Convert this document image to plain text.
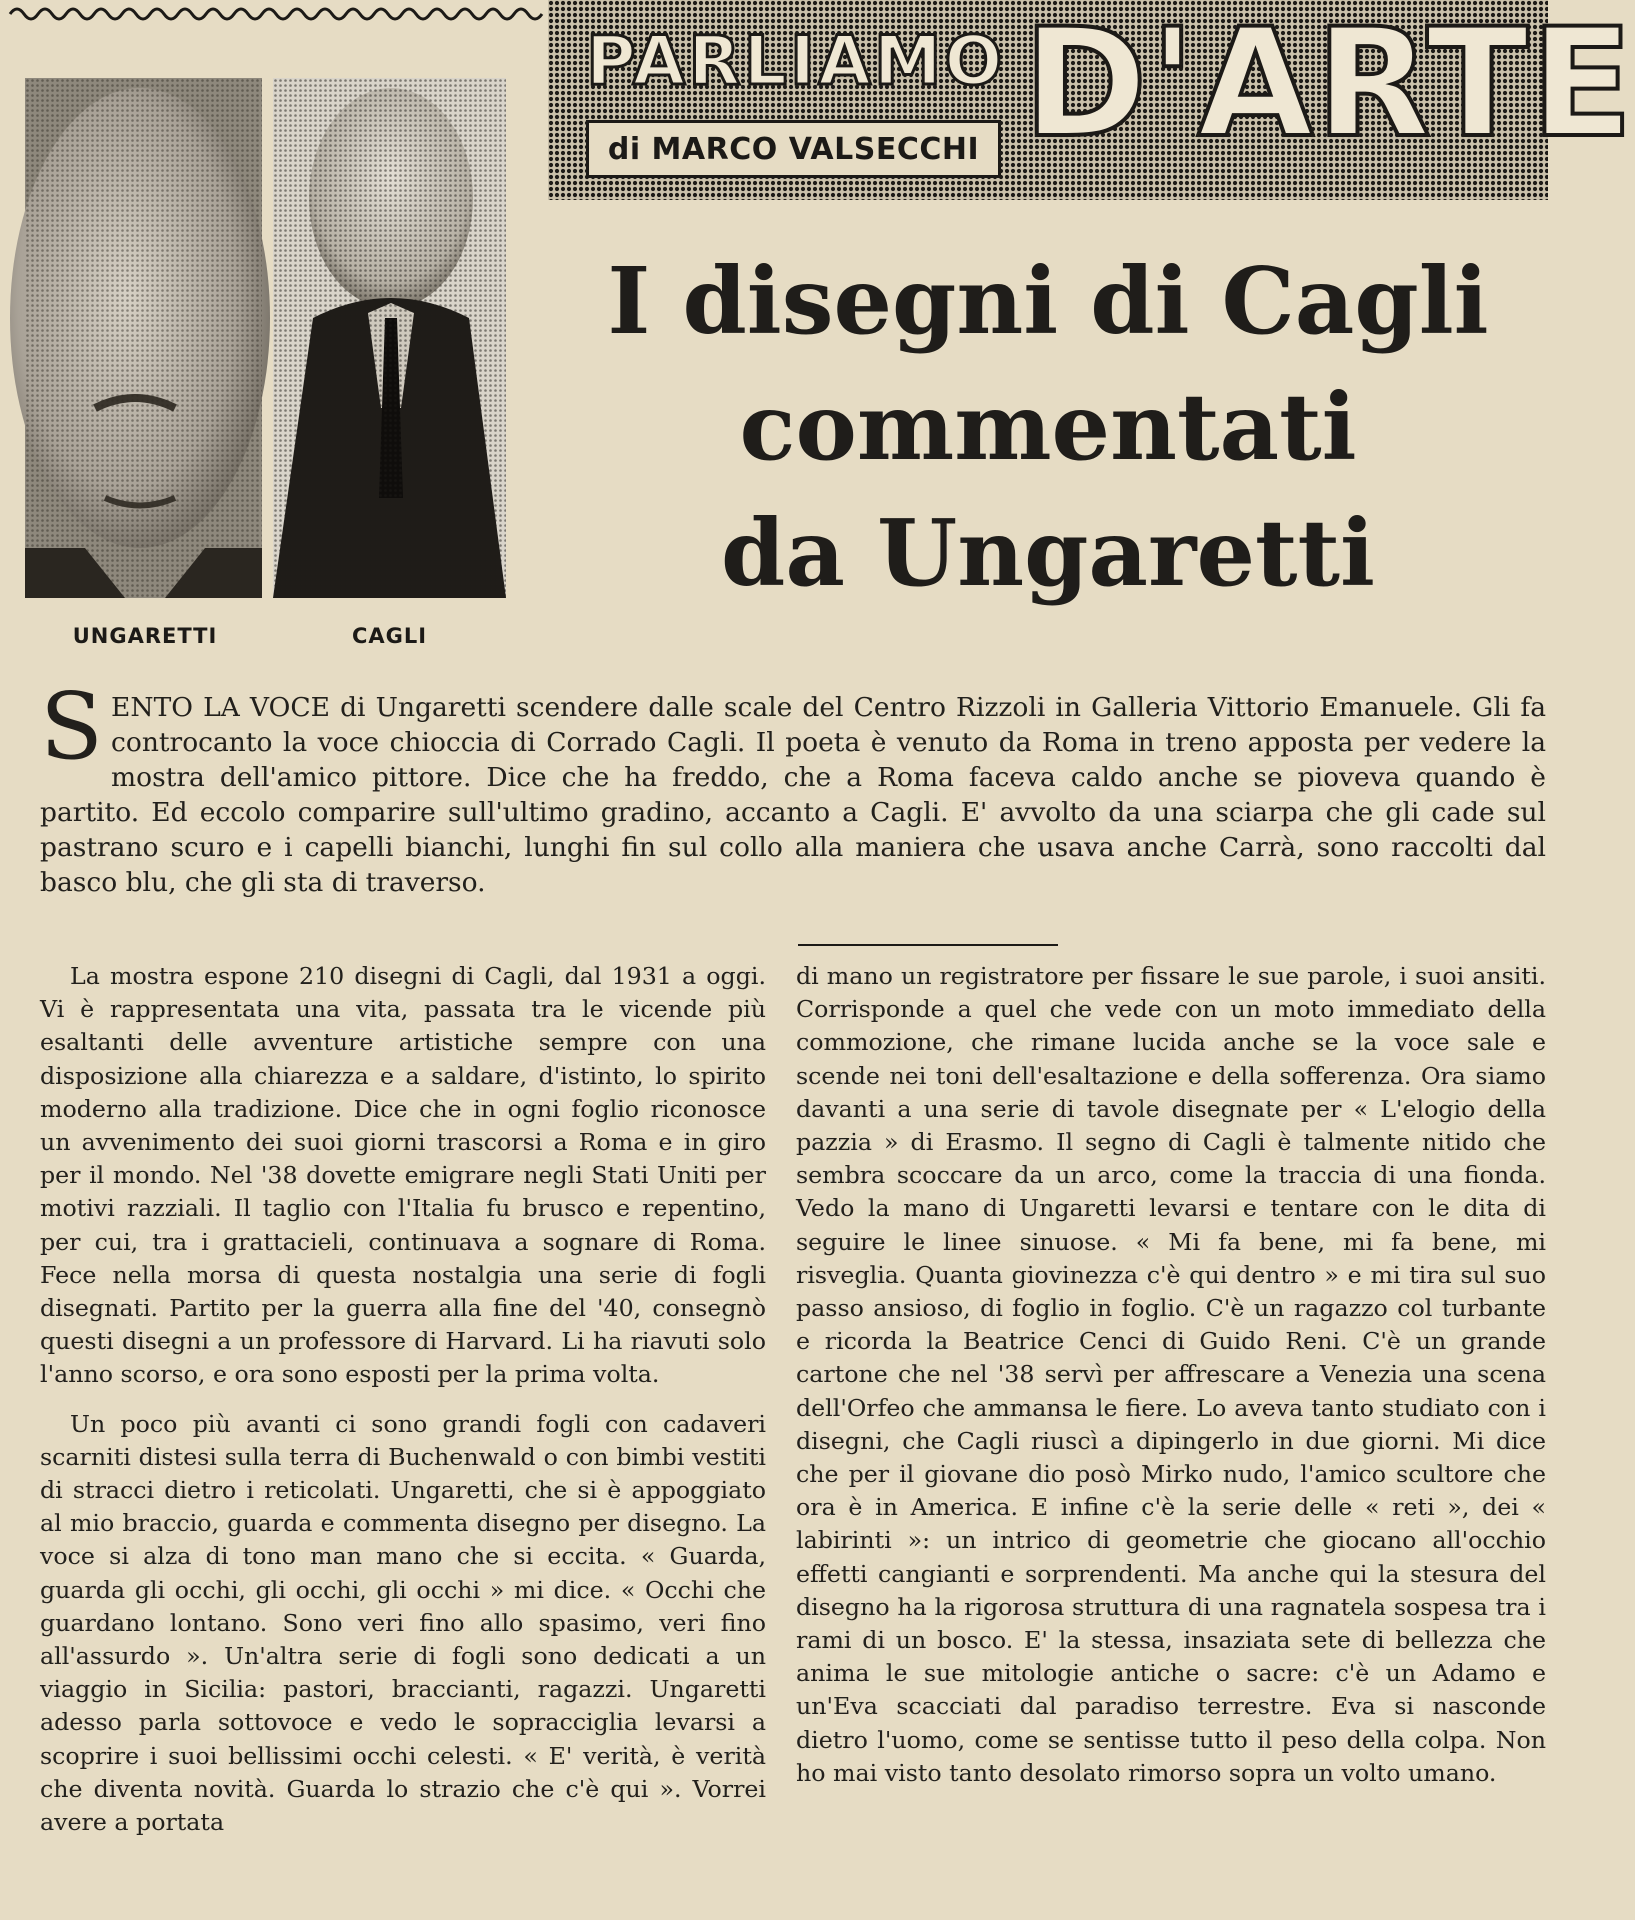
UNGARETTI	CAGLI
PARLIAMO D'ARTE
di MARCO VALSECCHI
I disegni di Cagli
commentati
da Ungaretti
SENTO LA VOCE di Ungaretti scendere dalle scale del Centro Rizzoli in Galleria Vittorio Emanuele. Gli fa controcanto la voce chioccia di Corrado Cagli. Il poeta è venuto da Roma in treno apposta per vedere la mostra dell'amico pittore. Dice che ha freddo, che a Roma faceva caldo anche se pioveva quando è partito. Ed eccolo comparire sull'ultimo gradino, accanto a Cagli. E' avvolto da una sciarpa che gli cade sul pastrano scuro e i capelli bianchi, lunghi fin sul collo alla maniera che usava anche Carrà, sono raccolti dal basco blu, che gli sta di traverso.

La mostra espone 210 disegni di Cagli, dal 1931 a oggi. Vi è rappresentata una vita, passata tra le vicende più esaltanti delle avventure artistiche sempre con una disposizione alla chiarezza e a saldare, d'istinto, lo spirito moderno alla tradizione. Dice che in ogni foglio riconosce un avvenimento dei suoi giorni trascorsi a Roma e in giro per il mondo. Nel '38 dovette emigrare negli Stati Uniti per motivi razziali. Il taglio con l'Italia fu brusco e repentino, per cui, tra i grattacieli, continuava a sognare di Roma. Fece nella morsa di questa nostalgia una serie di fogli disegnati. Partito per la guerra alla fine del '40, consegnò questi disegni a un professore di Harvard. Li ha riavuti solo l'anno scorso, e ora sono esposti per la prima volta.

Un poco più avanti ci sono grandi fogli con cadaveri scarniti distesi sulla terra di Buchenwald o con bimbi vestiti di stracci dietro i reticolati. Ungaretti, che si è appoggiato al mio braccio, guarda e commenta disegno per disegno. La voce si alza di tono man mano che si eccita. « Guarda, guarda gli occhi, gli occhi, gli occhi » mi dice. « Occhi che guardano lontano. Sono veri fino allo spasimo, veri fino all'assurdo ». Un'altra serie di fogli sono dedicati a un viaggio in Sicilia: pastori, braccianti, ragazzi. Ungaretti adesso parla sottovoce e vedo le sopracciglia levarsi a scoprire i suoi bellissimi occhi celesti. « E' verità, è verità che diventa novità. Guarda lo strazio che c'è qui ». Vorrei avere a portata

di mano un registratore per fissare le sue parole, i suoi ansiti. Corrisponde a quel che vede con un moto immediato della commozione, che rimane lucida anche se la voce sale e scende nei toni dell'esaltazione e della sofferenza. Ora siamo davanti a una serie di tavole disegnate per « L'elogio della pazzia » di Erasmo. Il segno di Cagli è talmente nitido che sembra scoccare da un arco, come la traccia di una fionda. Vedo la mano di Ungaretti levarsi e tentare con le dita di seguire le linee sinuose. « Mi fa bene, mi fa bene, mi risveglia. Quanta giovinezza c'è qui dentro » e mi tira sul suo passo ansioso, di foglio in foglio. C'è un ragazzo col turbante e ricorda la Beatrice Cenci di Guido Reni. C'è un grande cartone che nel '38 servì per affrescare a Venezia una scena dell'Orfeo che ammansa le fiere. Lo aveva tanto studiato con i disegni, che Cagli riuscì a dipingerlo in due giorni. Mi dice che per il giovane dio posò Mirko nudo, l'amico scultore che ora è in America. E infine c'è la serie delle « reti », dei « labirinti »: un intrico di geometrie che giocano all'occhio effetti cangianti e sorprendenti. Ma anche qui la stesura del disegno ha la rigorosa struttura di una ragnatela sospesa tra i rami di un bosco. E' la stessa, insaziata sete di bellezza che anima le sue mitologie antiche o sacre: c'è un Adamo e un'Eva scacciati dal paradiso terrestre. Eva si nasconde dietro l'uomo, come se sentisse tutto il peso della colpa. Non ho mai visto tanto desolato rimorso sopra un volto umano.
